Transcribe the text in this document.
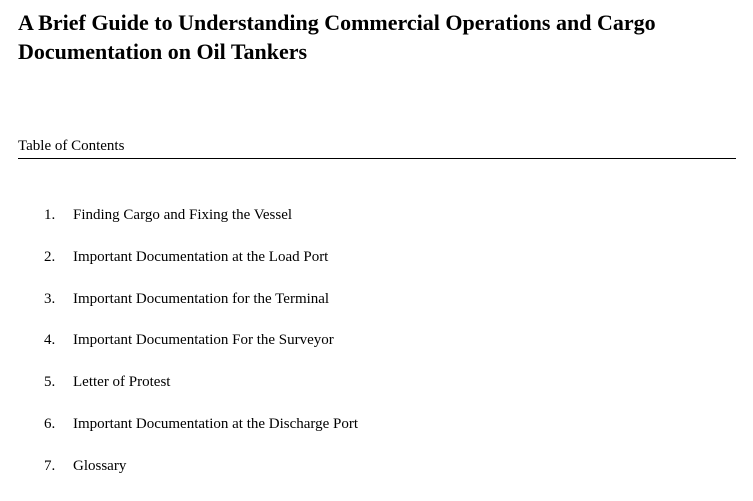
A Brief Guide to Understanding Commercial Operations and Cargo Documentation on Oil Tankers
Table of Contents
1.	Finding Cargo and Fixing the Vessel
2.	Important Documentation at the Load Port
3.	Important Documentation for the Terminal
4.	Important Documentation For the Surveyor
5.	Letter of Protest
6.	Important Documentation at the Discharge Port
7.	Glossary
